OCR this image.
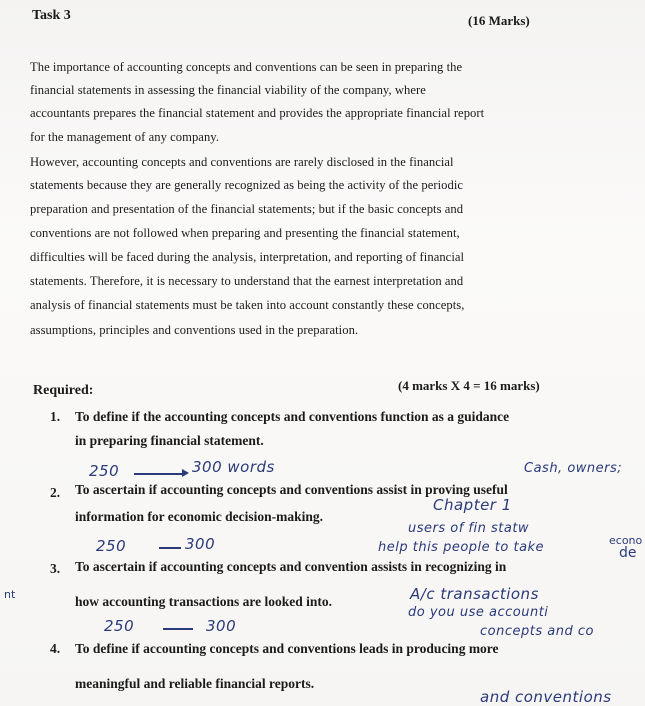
Task 3	(16 Marks)
The importance of accounting concepts and conventions can be seen in preparing the
financial statements in assessing the financial viability of the company, where
accountants prepares the financial statement and provides the appropriate financial report
for the management of any company.
However, accounting concepts and conventions are rarely disclosed in the financial
statements because they are generally recognized as being the activity of the periodic
preparation and presentation of the financial statements; but if the basic concepts and
conventions are not followed when preparing and presenting the financial statement,
difficulties will be faced during the analysis, interpretation, and reporting of financial
statements. Therefore, it is necessary to understand that the earnest interpretation and
analysis of financial statements must be taken into account constantly these concepts,
assumptions, principles and conventions used in the preparation.
Required:	(4 marks X 4 = 16 marks)
1. To define if the accounting concepts and conventions function as a guidance
in preparing financial statement.
250	300 words	Cash, owners;
2. To ascertain if accounting concepts and conventions assist in proving useful
information for economic decision-making.
Chapter 1
users of fin statw
help this people to take	econo
de
250	300
3. To ascertain if accounting concepts and convention assists in recognizing in
how accounting transactions are looked into.
nt	A/c transactions
do you use accounti
concepts and co
250	300
4. To define if accounting concepts and conventions leads in producing more
meaningful and reliable financial reports.
and conventions
